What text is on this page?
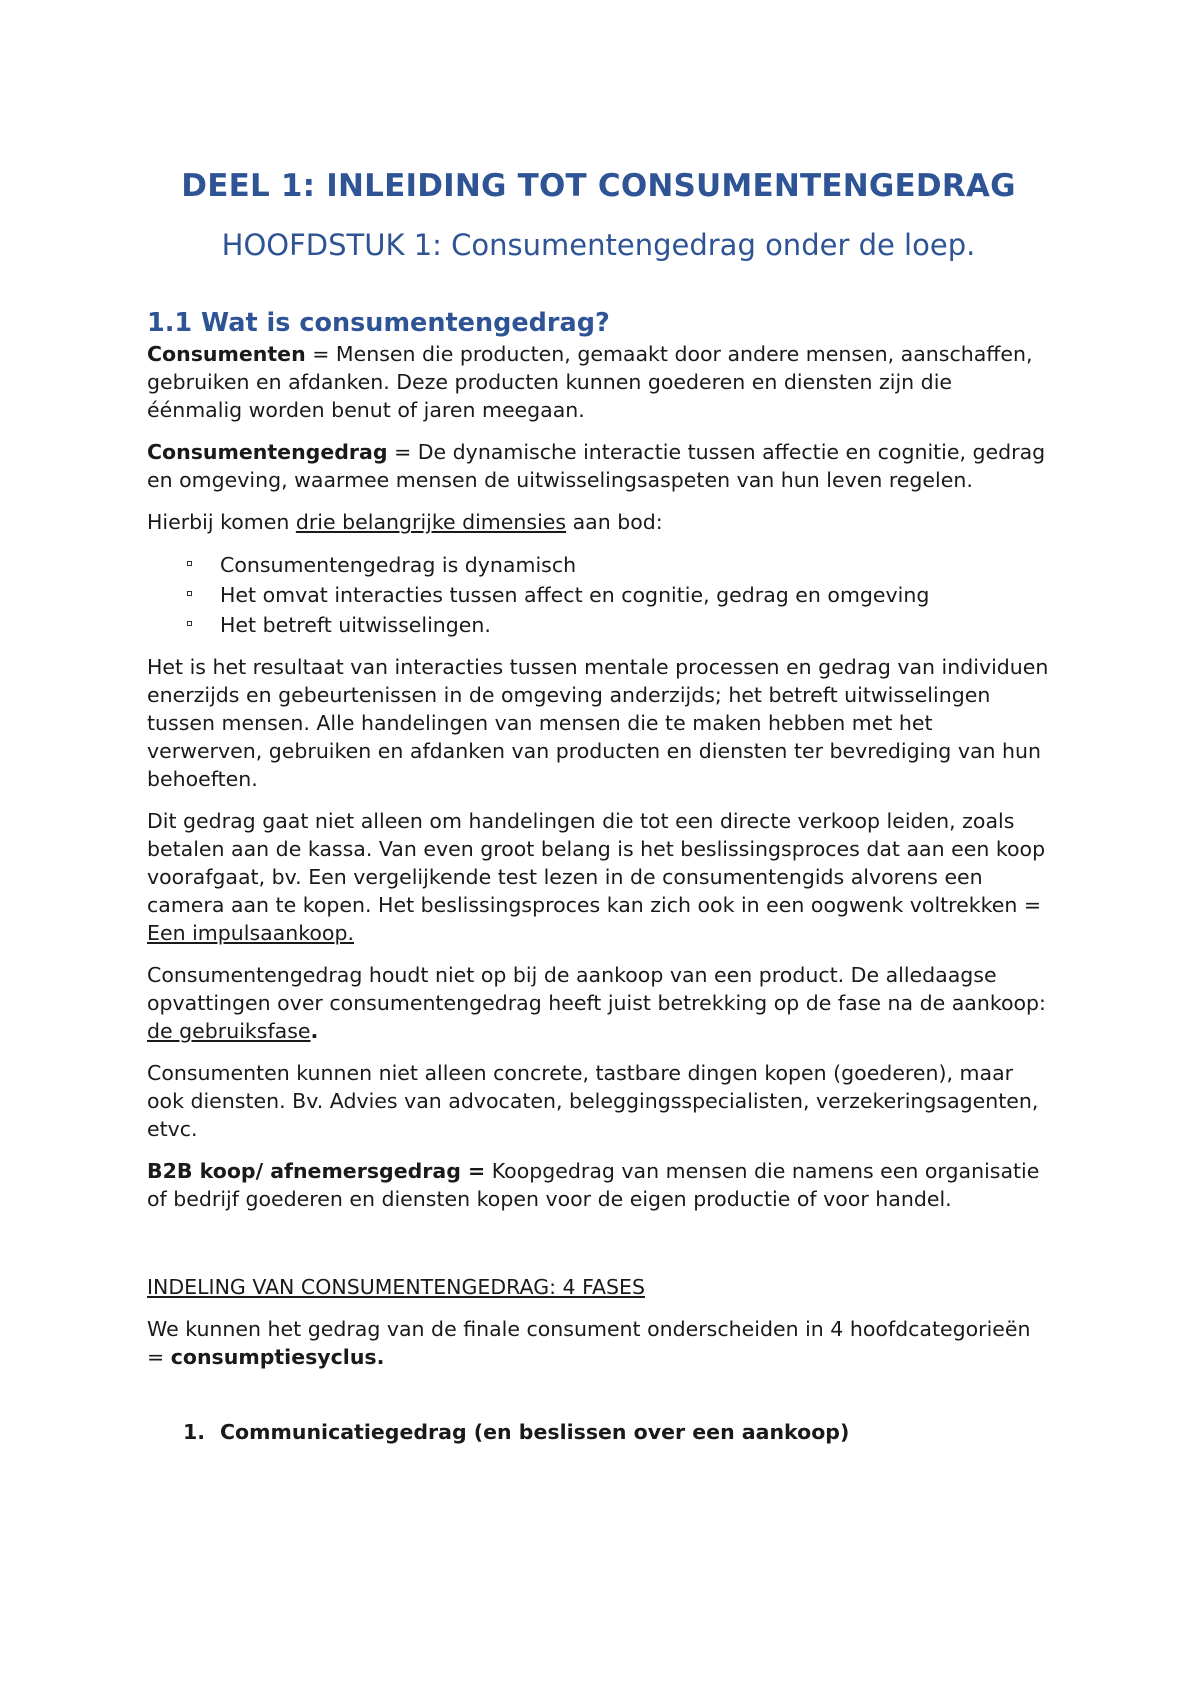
DEEL 1: INLEIDING TOT CONSUMENTENGEDRAG
HOOFDSTUK 1: Consumentengedrag onder de loep.
1.1 Wat is consumentengedrag?

Consumenten = Mensen die producten, gemaakt door andere mensen, aanschaffen, gebruiken en afdanken. Deze producten kunnen goederen en diensten zijn die éénmalig worden benut of jaren meegaan.

Consumentengedrag = De dynamische interactie tussen affectie en cognitie, gedrag en omgeving, waarmee mensen de uitwisselingsaspeten van hun leven regelen.

Hierbij komen drie belangrijke dimensies aan bod:

Consumentengedrag is dynamisch
Het omvat interacties tussen affect en cognitie, gedrag en omgeving
Het betreft uitwisselingen.

Het is het resultaat van interacties tussen mentale processen en gedrag van individuen enerzijds en gebeurtenissen in de omgeving anderzijds; het betreft uitwisselingen tussen mensen. Alle handelingen van mensen die te maken hebben met het verwerven, gebruiken en afdanken van producten en diensten ter bevrediging van hun behoeften.

Dit gedrag gaat niet alleen om handelingen die tot een directe verkoop leiden, zoals betalen aan de kassa. Van even groot belang is het beslissingsproces dat aan een koop voorafgaat, bv. Een vergelijkende test lezen in de consumentengids alvorens een camera aan te kopen. Het beslissingsproces kan zich ook in een oogwenk voltrekken = Een impulsaankoop.

Consumentengedrag houdt niet op bij de aankoop van een product. De alledaagse opvattingen over consumentengedrag heeft juist betrekking op de fase na de aankoop: de gebruiksfase.

Consumenten kunnen niet alleen concrete, tastbare dingen kopen (goederen), maar ook diensten. Bv. Advies van advocaten, beleggingsspecialisten, verzekeringsagenten, etvc.

B2B koop/ afnemersgedrag = Koopgedrag van mensen die namens een organisatie of bedrijf goederen en diensten kopen voor de eigen productie of voor handel.

INDELING VAN CONSUMENTENGEDRAG: 4 FASES

We kunnen het gedrag van de finale consument onderscheiden in 4 hoofdcategorieën = consumptiesyclus.

1. Communicatiegedrag (en beslissen over een aankoop)
